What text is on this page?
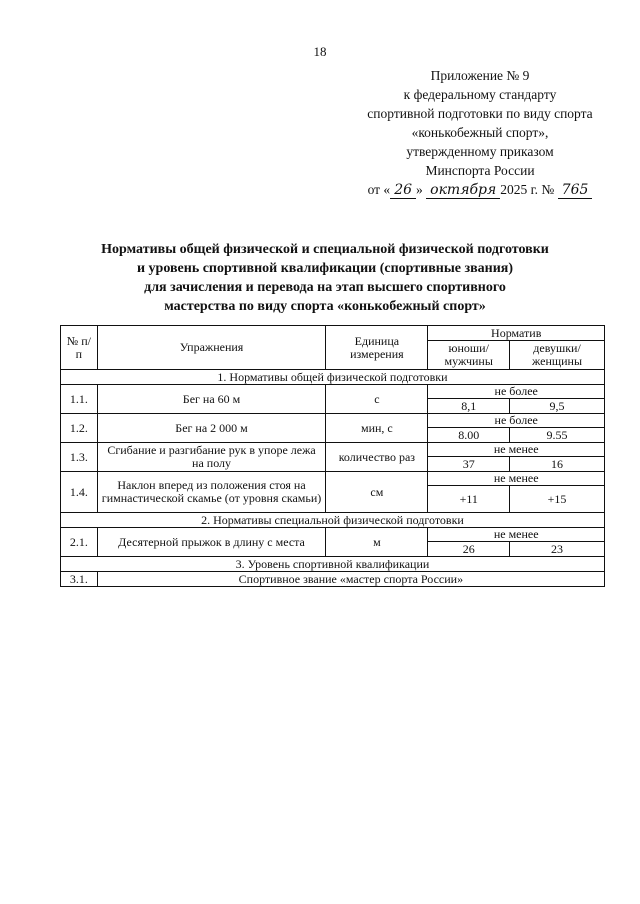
18
Приложение № 9
к федеральному стандарту
спортивной подготовки по виду спорта
«конькобежный спорт»,
утвержденному приказом
Минспорта России
от « 26 » октября 2025 г. № 765
Нормативы общей физической и специальной физической подготовки
и уровень спортивной квалификации (спортивные звания)
для зачисления и перевода на этап высшего спортивного
мастерства по виду спорта «конькобежный спорт»
№ п/п	Упражнения	Единица измерения	Норматив	
			юноши/ мужчины	девушки/ женщины
1. Нормативы общей физической подготовки				
1.1.	Бег на 60 м	с	не более	
			8,1	9,5
1.2.	Бег на 2 000 м	мин, с	не более	
			8.00	9.55
1.3.	Сгибание и разгибание рук в упоре лежа на полу	количество раз	не менее	
			37	16
1.4.	Наклон вперед из положения стоя на гимнастической скамье (от уровня скамьи)	см	не менее	
			+11	+15
2. Нормативы специальной физической подготовки				
2.1.	Десятерной прыжок в длину с места	м	не менее	
			26	23
3. Уровень спортивной квалификации				
3.1.	Спортивное звание «мастер спорта России»			
